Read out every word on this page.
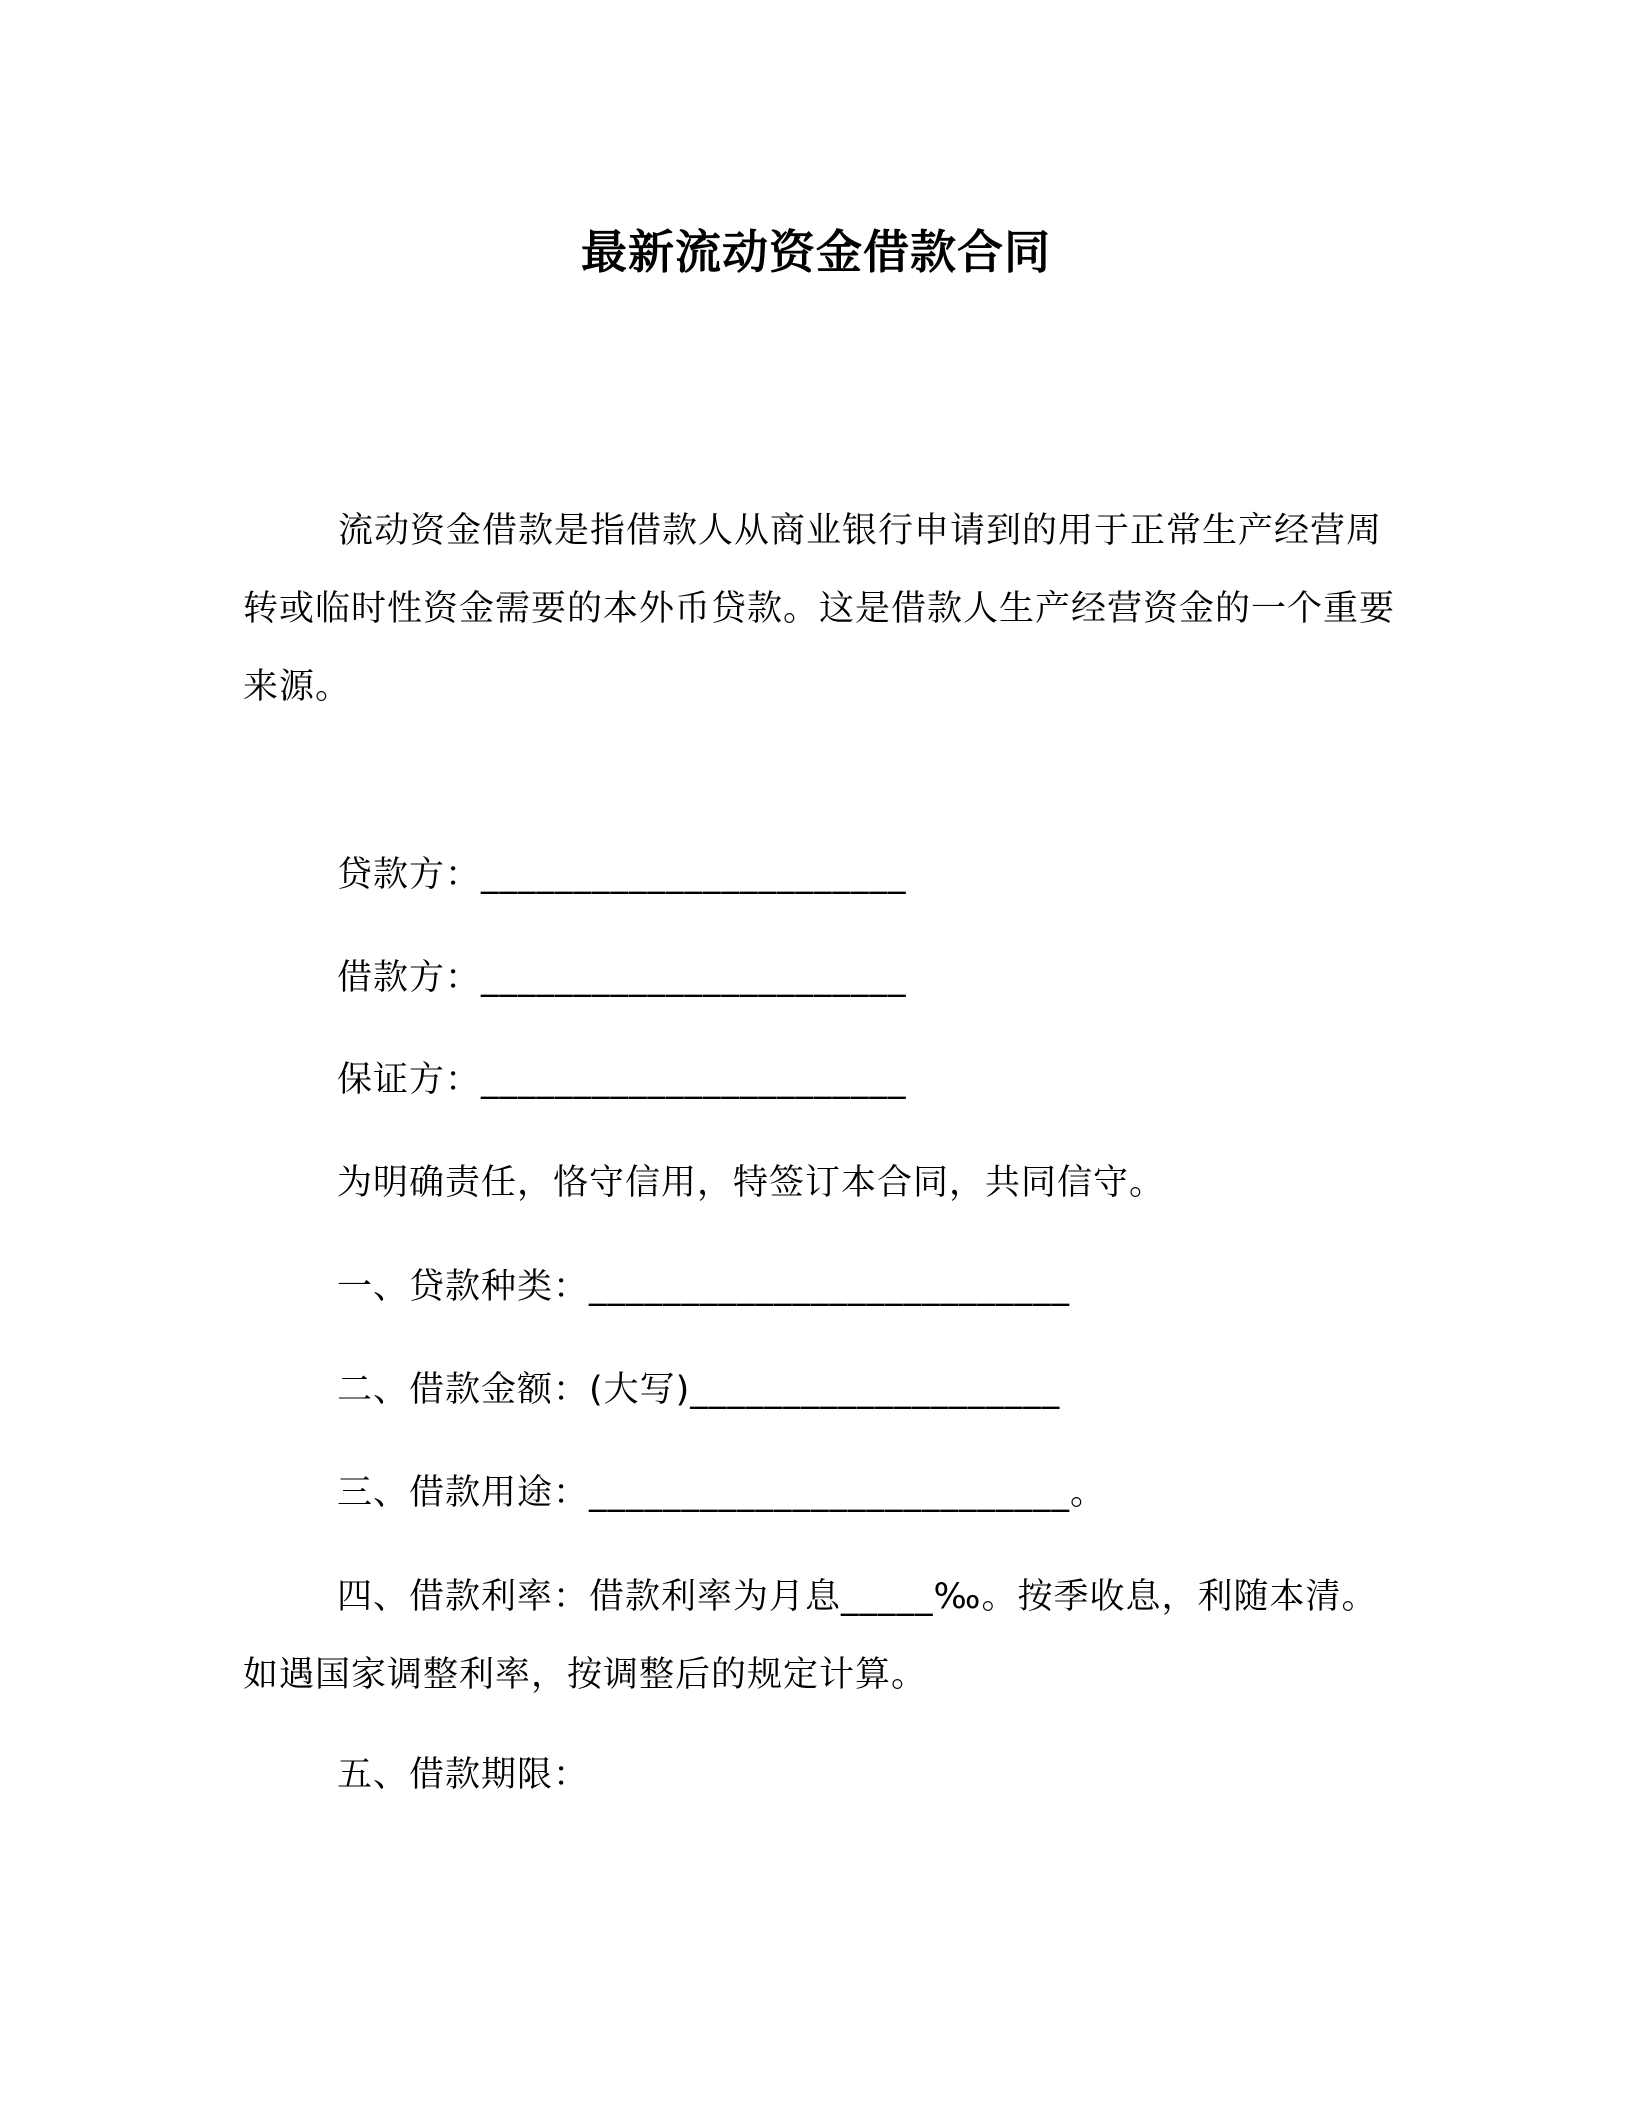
最新流动资金借款合同
流动资金借款是指借款人从商业银行申请到的用于正常生产经营周转或临时性资金需要的本外币贷款。这是借款人生产经营资金的一个重要来源。
贷款方：_______________________
借款方：_______________________
保证方：_______________________
为明确责任，恪守信用，特签订本合同，共同信守。
一、贷款种类：__________________________
二、借款金额：(大写)____________________
三、借款用途：__________________________。
四、借款利率：借款利率为月息_____‰。按季收息，利随本清。如遇国家调整利率，按调整后的规定计算。
五、借款期限：
